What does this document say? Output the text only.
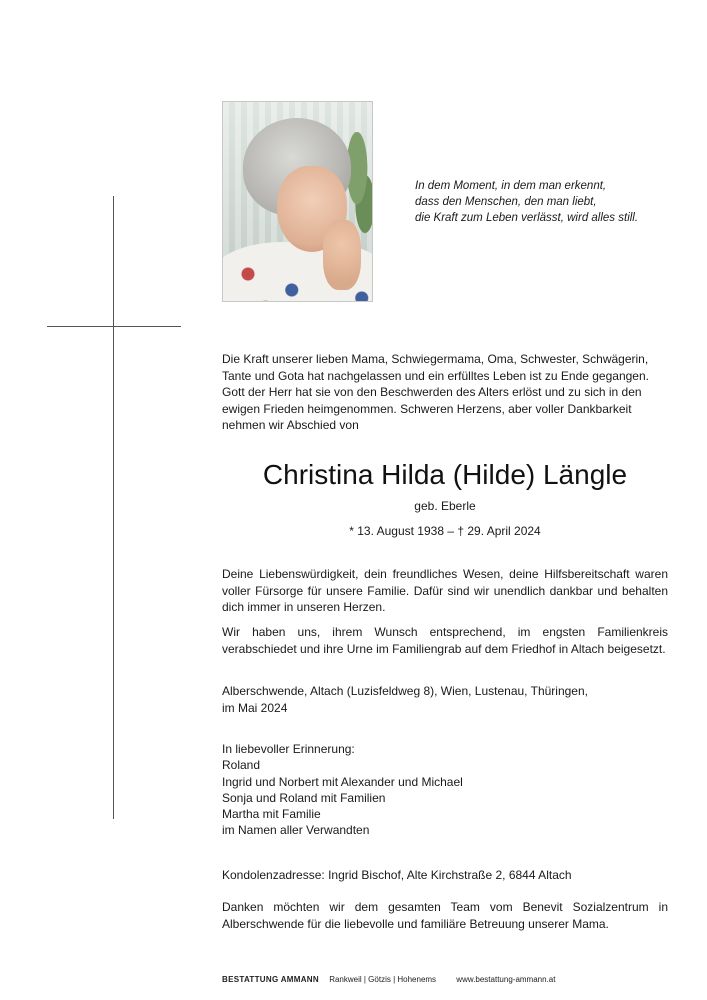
In dem Moment, in dem man erkennt,
dass den Menschen, den man liebt,
die Kraft zum Leben verlässt, wird alles still.
Die Kraft unserer lieben Mama, Schwiegermama, Oma, Schwester, Schwägerin, Tante und Gota hat nachgelassen und ein erfülltes Leben ist zu Ende gegangen. Gott der Herr hat sie von den Beschwerden des Alters erlöst und zu sich in den ewigen Frieden heimgenommen. Schweren Herzens, aber voller Dankbarkeit nehmen wir Abschied von
Christina Hilda (Hilde) Längle
geb. Eberle
* 13. August 1938 – † 29. April 2024
Deine Liebenswürdigkeit, dein freundliches Wesen, deine Hilfsbereitschaft waren voller Fürsorge für unsere Familie. Dafür sind wir unendlich dankbar und behalten dich immer in unseren Herzen.
Wir haben uns, ihrem Wunsch entsprechend, im engsten Familienkreis verabschiedet und ihre Urne im Familiengrab auf dem Friedhof in Altach beigesetzt.
Alberschwende, Altach (Luzisfeldweg 8), Wien, Lustenau, Thüringen,
im Mai 2024
In liebevoller Erinnerung:
Roland
Ingrid und Norbert mit Alexander und Michael
Sonja und Roland mit Familien
Martha mit Familie
im Namen aller Verwandten
Kondolenzadresse: Ingrid Bischof, Alte Kirchstraße 2, 6844 Altach
Danken möchten wir dem gesamten Team vom Benevit Sozialzentrum in Alberschwende für die liebevolle und familiäre Betreuung unserer Mama.
BESTATTUNG AMMANN Rankweil | Götzis | Hohenems	www.bestattung-ammann.at
